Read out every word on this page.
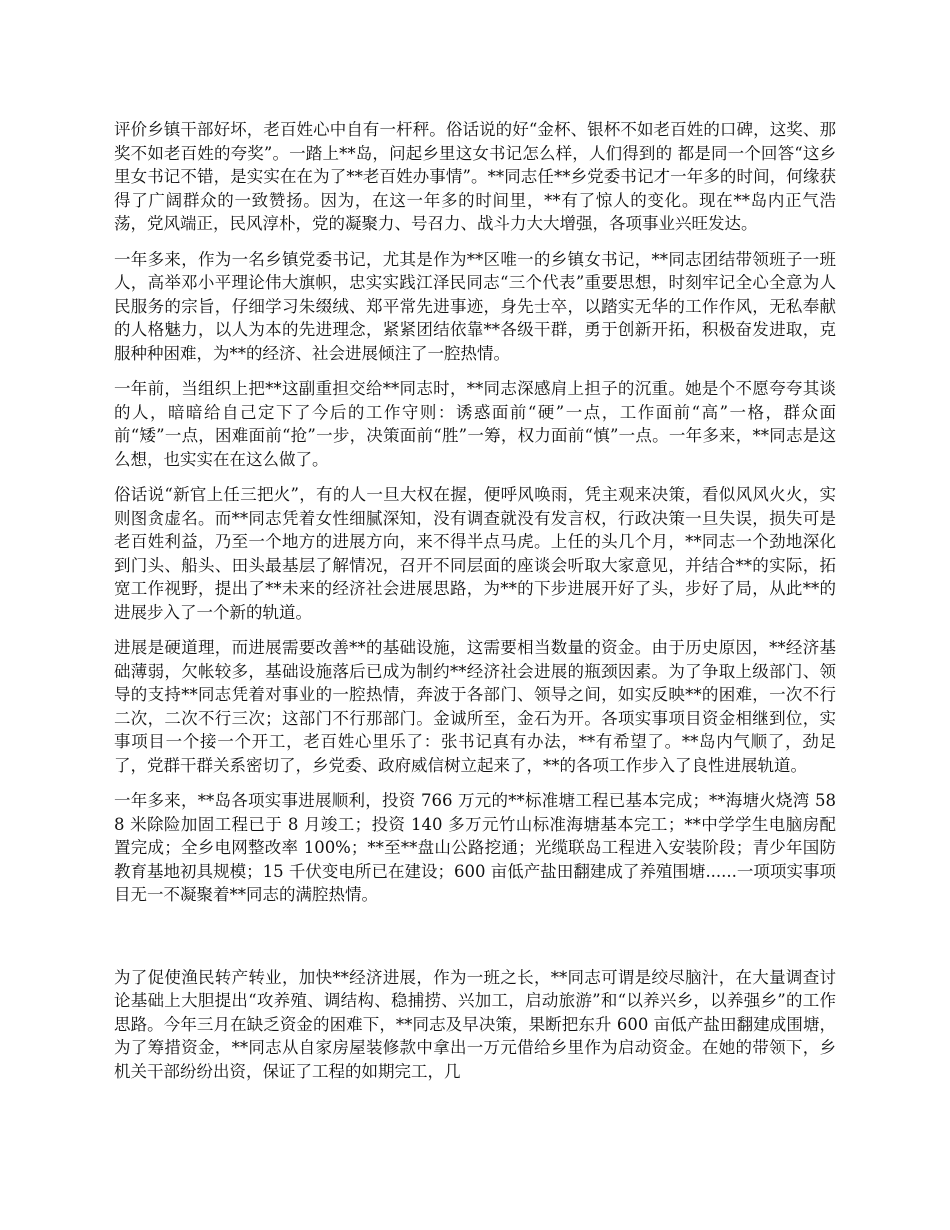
评价乡镇干部好坏，老百姓心中自有一杆秤。俗话说的好“金杯、银杯不如老百姓的口碑，这奖、那奖不如老百姓的夸奖”。一踏上**岛，问起乡里这女书记怎么样，人们得到的 都是同一个回答“这乡里女书记不错，是实实在在为了**老百姓办事情”。**同志任**乡党委书记才一年多的时间，何缘获得了广阔群众的一致赞扬。因为，在这一年多的时间里，**有了惊人的变化。现在**岛内正气浩荡，党风端正，民风淳朴，党的凝聚力、号召力、战斗力大大增强，各项事业兴旺发达。

一年多来，作为一名乡镇党委书记，尤其是作为**区唯一的乡镇女书记，**同志团结带领班子一班人，高举邓小平理论伟大旗帜，忠实实践江泽民同志“三个代表”重要思想，时刻牢记全心全意为人民服务的宗旨，仔细学习朱缀绒、郑平常先进事迹，身先士卒，以踏实无华的工作作风，无私奉献的人格魅力，以人为本的先进理念，紧紧团结依靠**各级干群，勇于创新开拓，积极奋发进取，克服种种困难，为**的经济、社会进展倾注了一腔热情。

一年前，当组织上把**这副重担交给**同志时，**同志深感肩上担子的沉重。她是个不愿夸夸其谈的人，暗暗给自己定下了今后的工作守则：诱惑面前“硬”一点，工作面前“高”一格，群众面前“矮”一点，困难面前“抢”一步，决策面前“胜”一筹，权力面前“慎”一点。一年多来，**同志是这么想，也实实在在这么做了。

俗话说“新官上任三把火”，有的人一旦大权在握，便呼风唤雨，凭主观来决策，看似风风火火，实则图贪虚名。而**同志凭着女性细腻深知，没有调查就没有发言权，行政决策一旦失误，损失可是老百姓利益，乃至一个地方的进展方向，来不得半点马虎。上任的头几个月，**同志一个劲地深化到门头、船头、田头最基层了解情况，召开不同层面的座谈会听取大家意见，并结合**的实际，拓宽工作视野，提出了**未来的经济社会进展思路，为**的下步进展开好了头，步好了局，从此**的进展步入了一个新的轨道。

进展是硬道理，而进展需要改善**的基础设施，这需要相当数量的资金。由于历史原因，**经济基础薄弱，欠帐较多，基础设施落后已成为制约**经济社会进展的瓶颈因素。为了争取上级部门、领导的支持**同志凭着对事业的一腔热情，奔波于各部门、领导之间，如实反映**的困难，一次不行二次，二次不行三次；这部门不行那部门。金诚所至，金石为开。各项实事项目资金相继到位，实事项目一个接一个开工，老百姓心里乐了：张书记真有办法，**有希望了。**岛内气顺了，劲足了，党群干群关系密切了，乡党委、政府威信树立起来了，**的各项工作步入了良性进展轨道。

一年多来，**岛各项实事进展顺利，投资 766 万元的**标准塘工程已基本完成；**海塘火烧湾 588 米除险加固工程已于 8 月竣工；投资 140 多万元竹山标准海塘基本完工；**中学学生电脑房配置完成；全乡电网整改率 100%；**至**盘山公路挖通；光缆联岛工程进入安装阶段；青少年国防教育基地初具规模；15 千伏变电所已在建设；600 亩低产盐田翻建成了养殖围塘......一项项实事项目无一不凝聚着**同志的满腔热情。

为了促使渔民转产转业，加快**经济进展，作为一班之长，**同志可谓是绞尽脑汁，在大量调查讨论基础上大胆提出“攻养殖、调结构、稳捕捞、兴加工，启动旅游”和“以养兴乡，以养强乡”的工作思路。今年三月在缺乏资金的困难下，**同志及早决策，果断把东升 600 亩低产盐田翻建成围塘，为了筹措资金，**同志从自家房屋装修款中拿出一万元借给乡里作为启动资金。在她的带领下，乡机关干部纷纷出资，保证了工程的如期完工，几
